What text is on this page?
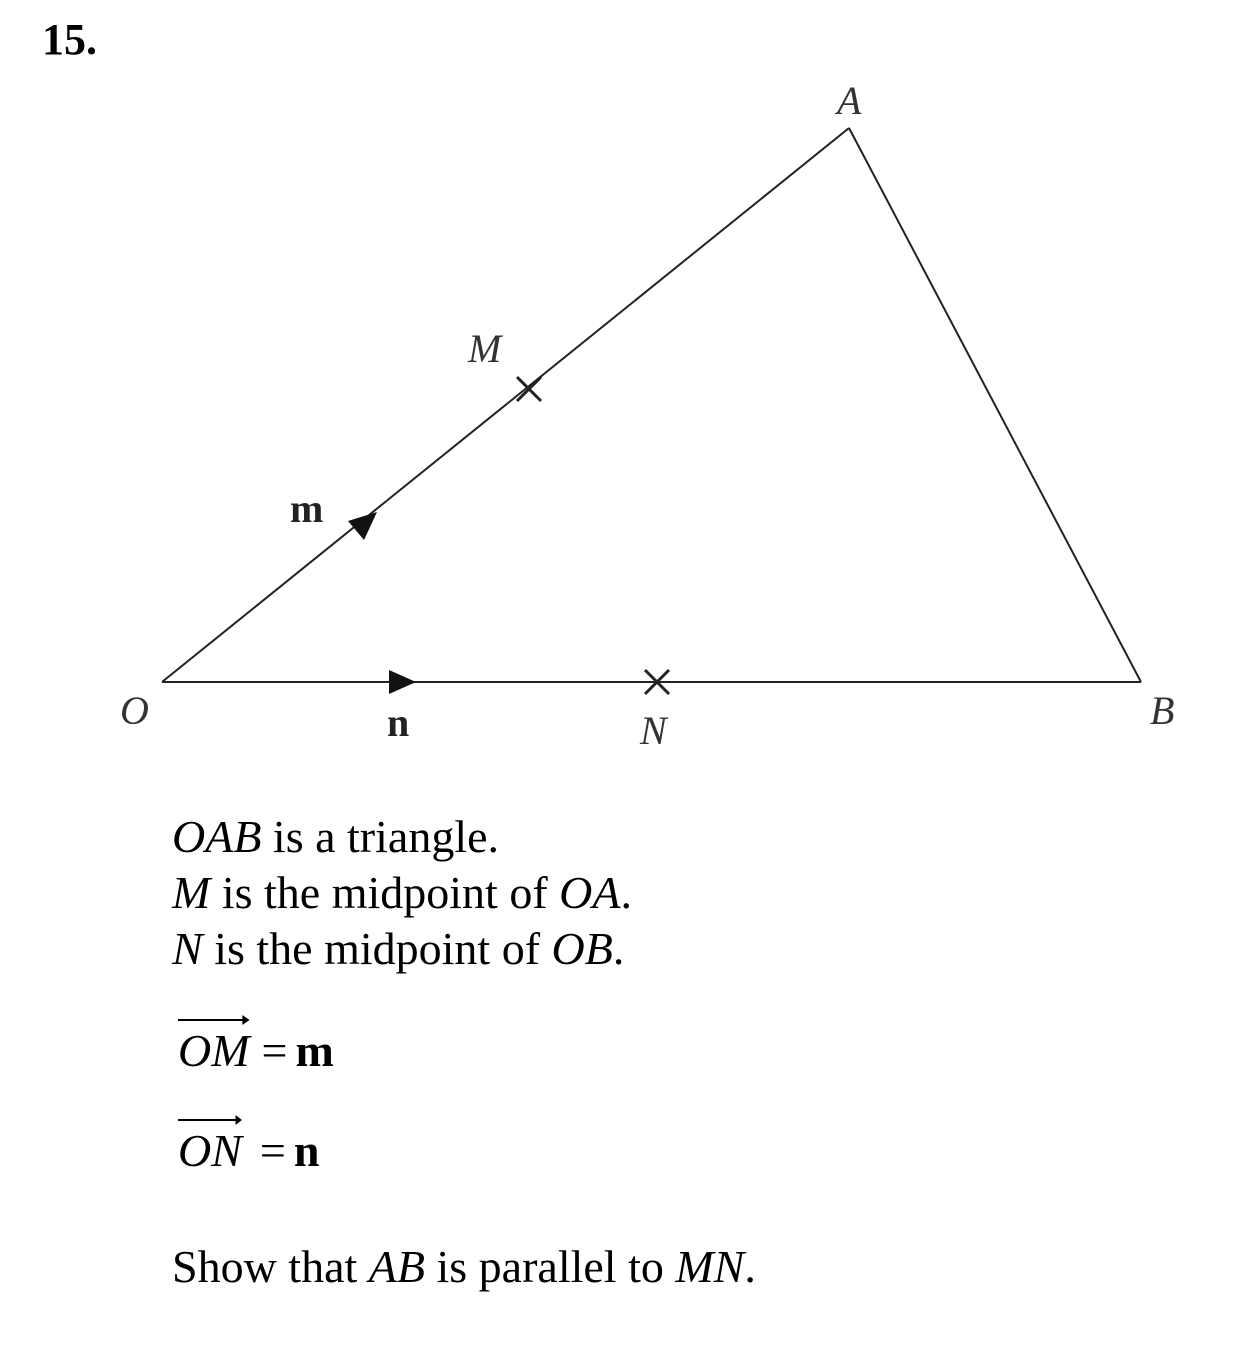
15.
A
B
O
M
N
m
n
OAB is a triangle.
M is the midpoint of OA.
N is the midpoint of OB.
OM = m
ON = n
Show that AB is parallel to MN.
